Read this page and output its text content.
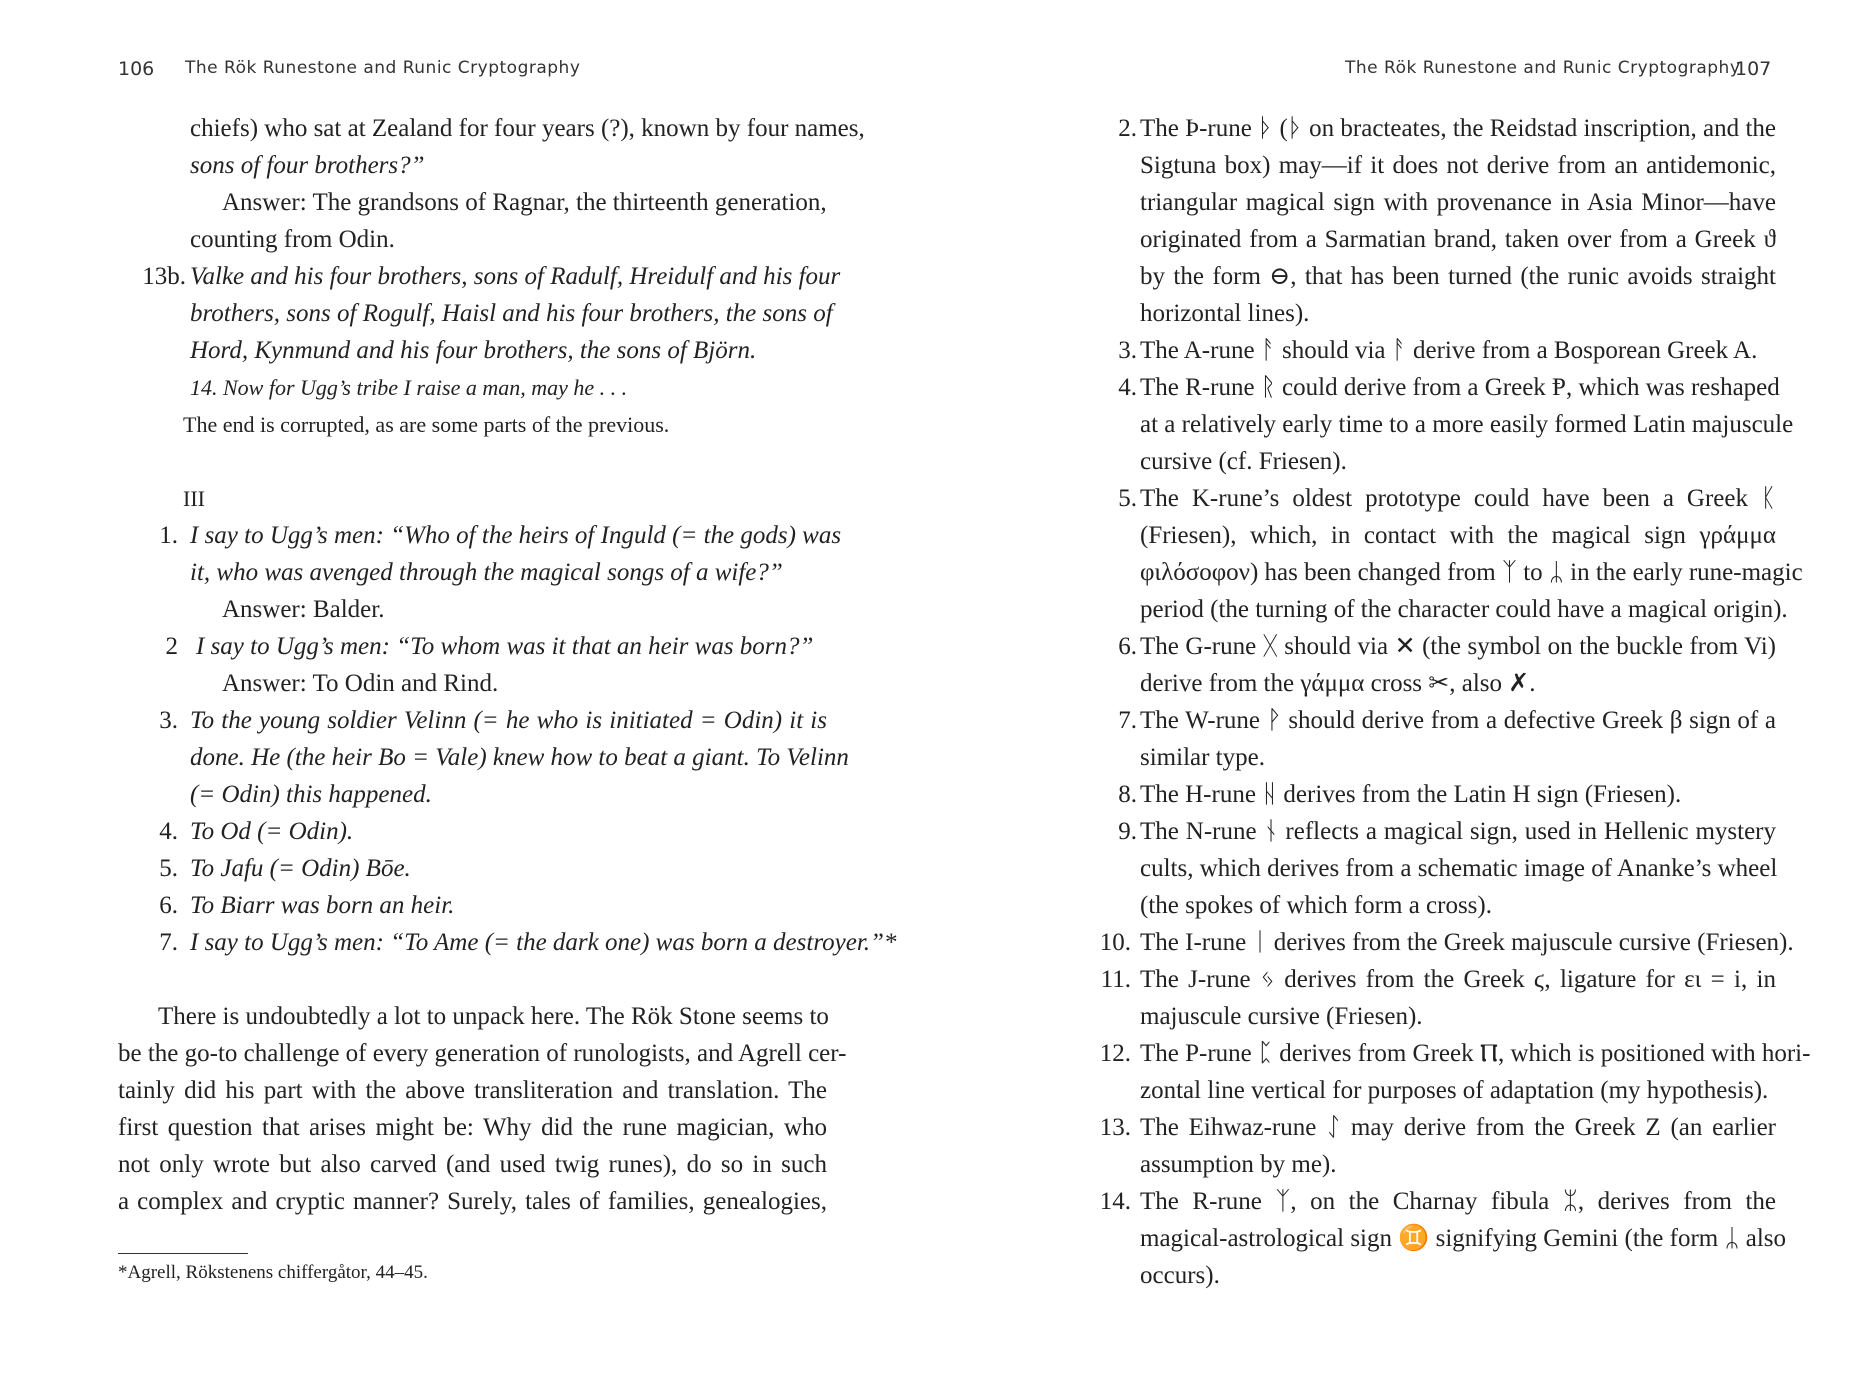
106 The Rök Runestone and Runic Cryptography
chiefs) who sat at Zealand for four years (?), known by four names,
sons of four brothers?”
Answer: The grandsons of Ragnar, the thirteenth generation,
counting from Odin.
13b. Valke and his four brothers, sons of Radulf, Hreidulf and his four
brothers, sons of Rogulf, Haisl and his four brothers, the sons of
Hord, Kynmund and his four brothers, the sons of Björn.
14. Now for Ugg’s tribe I raise a man, may he . . .
The end is corrupted, as are some parts of the previous.
III
1. I say to Ugg’s men: “Who of the heirs of Inguld (= the gods) was
it, who was avenged through the magical songs of a wife?”
Answer: Balder.
2 I say to Ugg’s men: “To whom was it that an heir was born?”
Answer: To Odin and Rind.
3. To the young soldier Velinn (= he who is initiated = Odin) it is
done. He (the heir Bo = Vale) knew how to beat a giant. To Velinn
(= Odin) this happened.
4. To Od (= Odin).
5. To Jafu (= Odin) Bōe.
6. To Biarr was born an heir.
7. I say to Ugg’s men: “To Ame (= the dark one) was born a destroyer.”*
There is undoubtedly a lot to unpack here. The Rök Stone seems to
be the go-to challenge of every generation of runologists, and Agrell cer-
tainly did his part with the above transliteration and translation. The
first question that arises might be: Why did the rune magician, who
not only wrote but also carved (and used twig runes), do so in such
a complex and cryptic manner? Surely, tales of families, genealogies,
*Agrell, Rökstenens chiffergåtor, 44–45.
The Rök Runestone and Runic Cryptography
107
2. The Þ-rune ᚦ (ᚦ on bracteates, the Reidstad inscription, and the
Sigtuna box) may—if it does not derive from an antidemonic,
triangular magical sign with provenance in Asia Minor—have
originated from a Sarmatian brand, taken over from a Greek ϑ
by the form ⊖, that has been turned (the runic avoids straight
horizontal lines).
3. The A-rune ᚨ should via ᚨ derive from a Bosporean Greek A.
4. The R-rune ᚱ could derive from a Greek Ᵽ, which was reshaped
at a relatively early time to a more easily formed Latin majuscule
cursive (cf. Friesen).
5. The K-rune’s oldest prototype could have been a Greek ᛕ
(Friesen), which, in contact with the magical sign γράμμα
φιλόσοφον) has been changed from ᛉ to ᛦ in the early rune-magic
period (the turning of the character could have a magical origin).
6. The G-rune ᚷ should via ✕ (the symbol on the buckle from Vi)
derive from the γάμμα cross ✂, also ✗.
7. The W-rune ᚹ should derive from a defective Greek β sign of a
similar type.
8. The H-rune ᚺ derives from the Latin H sign (Friesen).
9. The N-rune ᚾ reflects a magical sign, used in Hellenic mystery
cults, which derives from a schematic image of Ananke’s wheel
(the spokes of which form a cross).
10. The I-rune ᛁ derives from the Greek majuscule cursive (Friesen).
11. The J-rune ᛃ derives from the Greek ϛ, ligature for ει = i, in
majuscule cursive (Friesen).
12. The P-rune ᛈ derives from Greek Ⲡ, which is positioned with hori-
zontal line vertical for purposes of adaptation (my hypothesis).
13. The Eihwaz-rune ᛇ may derive from the Greek Z (an earlier
assumption by me).
14. The R-rune ᛉ, on the Charnay fibula ᛯ, derives from the
magical-astrological sign ♊ signifying Gemini (the form ᛦ also
occurs).
